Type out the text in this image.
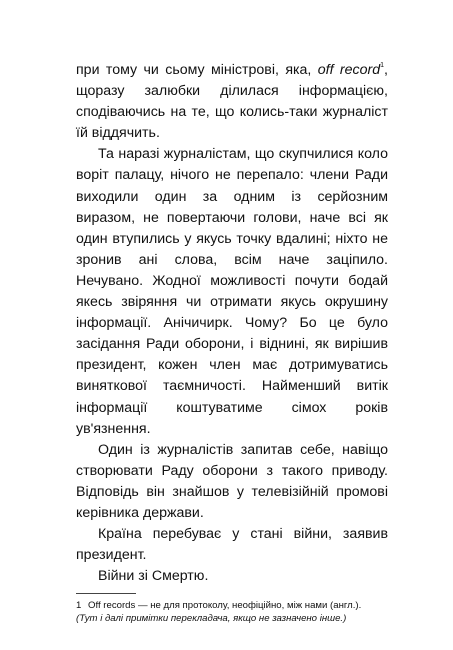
при тому чи сьому міністрові, яка, off record$^1$, щоразу залюбки ділилася інформацією, сподіваючись на те, що колись-таки журналіст їй віддячить.

Та наразі журналістам, що скупчилися коло воріт палацу, нічого не перепало: члени Ради виходили один за одним із серйозним виразом, не повертаючи голови, наче всі як один втупились у якусь точку вдалині; ніхто не зронив ані слова, всім наче заціпило. Нечувано. Жодної можливості почути бодай якесь звіряння чи отримати якусь окрушину інформації. Анічичирк. Чому? Бо це було засідання Ради оборони, і віднині, як вирішив президент, кожен член має дотримуватись виняткової таємничості. Найменший витік інформації коштуватиме сімох років ув'язнення.

Один із журналістів запитав себе, навіщо створювати Раду оборони з такого приводу. Відповідь він знайшов у телевізійній промові керівника держави.

Країна перебуває у стані війни, заявив президент.

Війни зі Смертю.

1 Off records — не для протоколу, неофіційно, між нами (англ.).
(Тут і далі примітки перекладача, якщо не зазначено інше.)
